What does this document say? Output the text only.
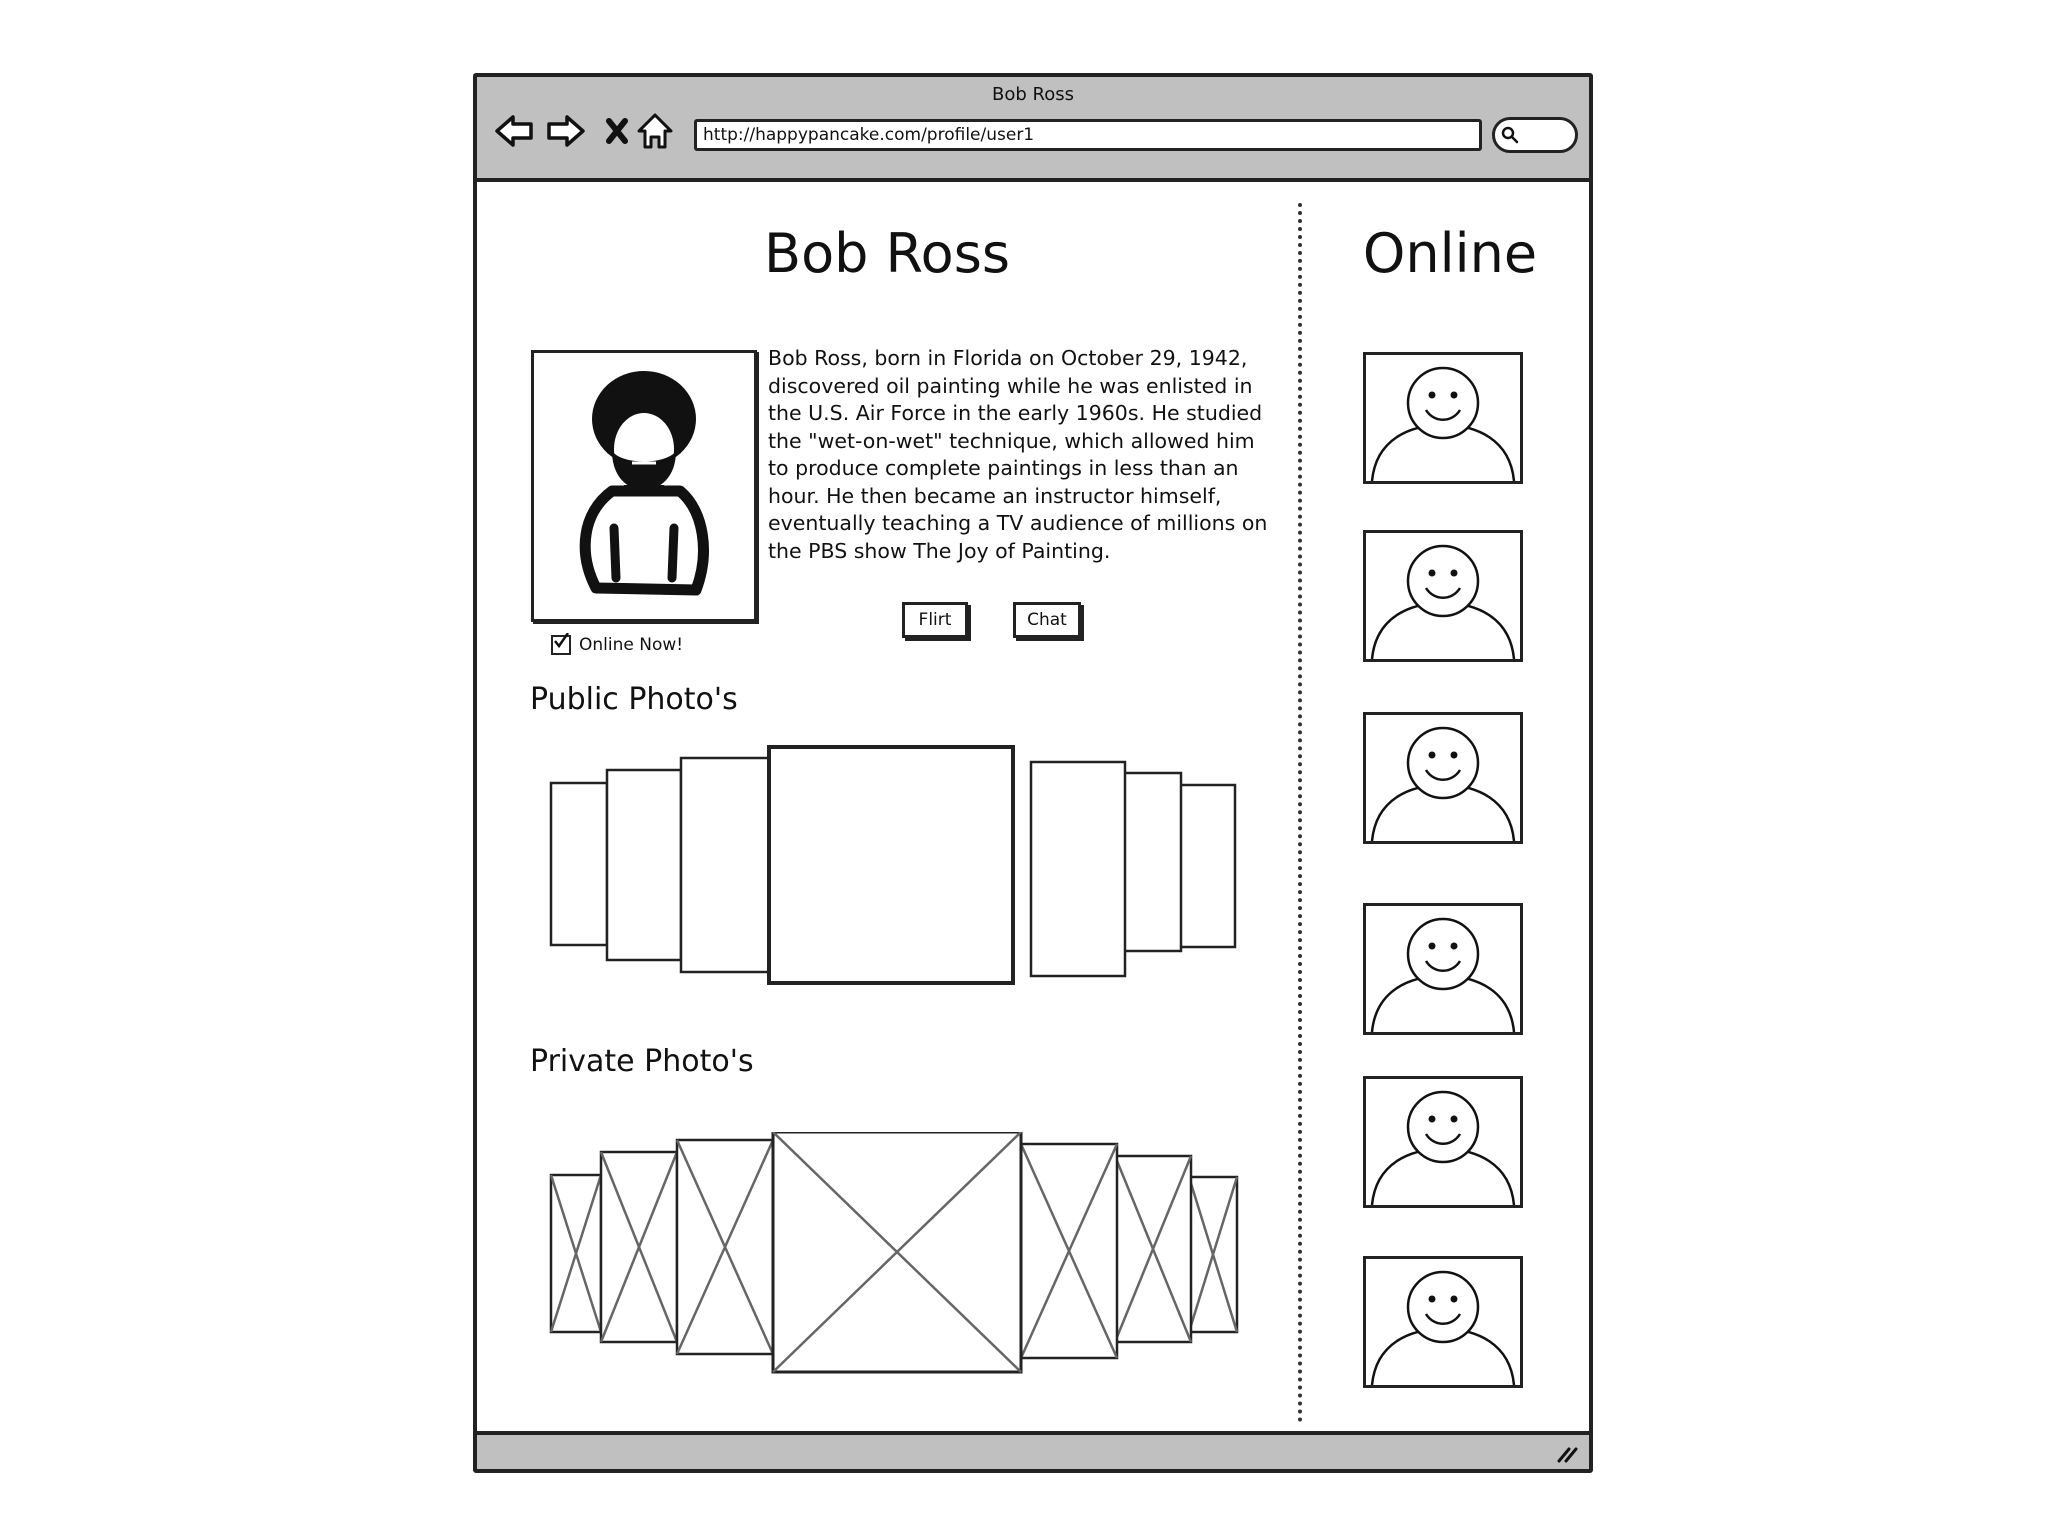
Bob Ross
http://happypancake.com/profile/user1
Bob Ross
Bob Ross, born in Florida on October 29, 1942, discovered oil painting while he was enlisted in the U.S. Air Force in the early 1960s. He studied the "wet-on-wet" technique, which allowed him to produce complete paintings in less than an hour. He then became an instructor himself, eventually teaching a TV audience of millions on the PBS show The Joy of Painting.
Flirt	Chat
Online Now!
Public Photo's
Private Photo's
Online
